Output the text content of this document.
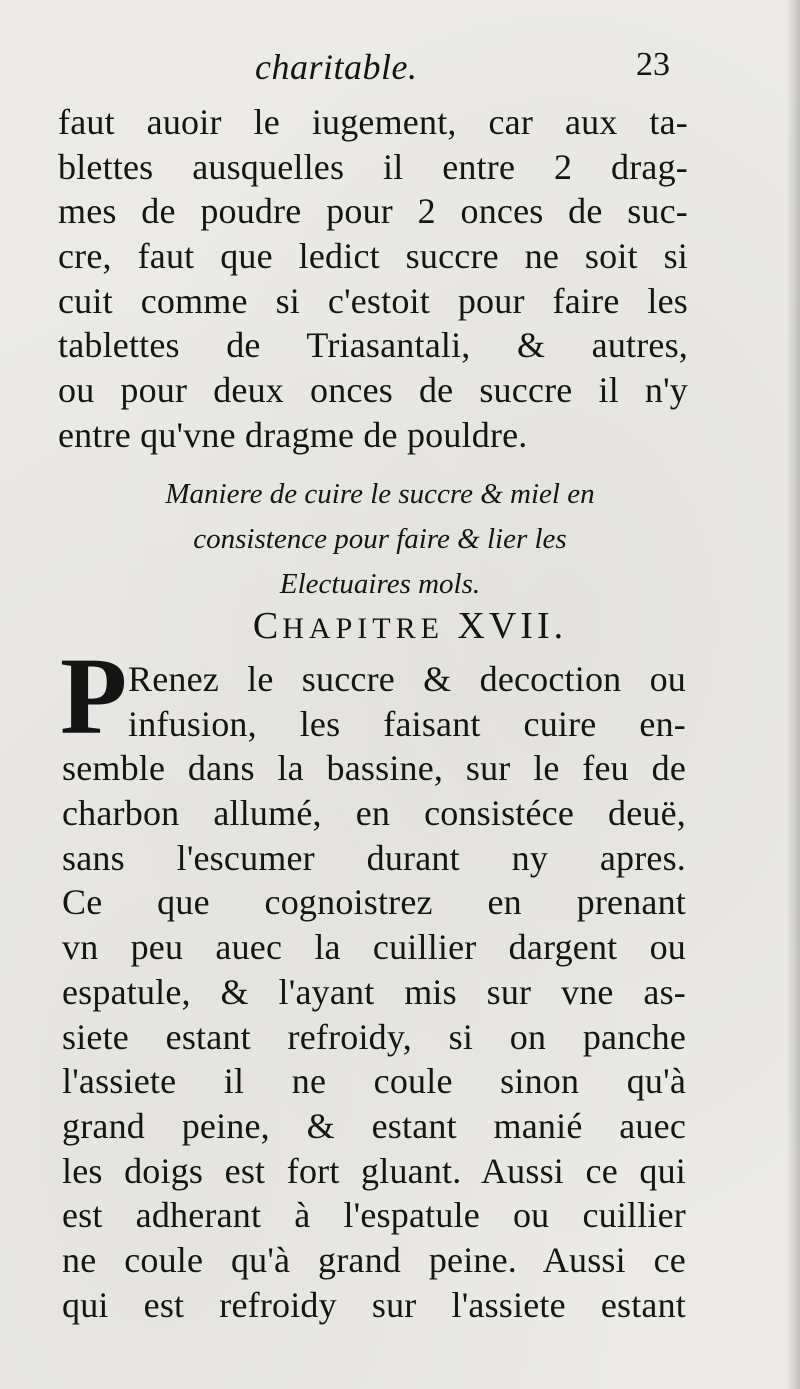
charitable.	23
faut auoir le iugement, car aux ta-
blettes ausquelles il entre 2 drag-
mes de poudre pour 2 onces de suc-
cre, faut que ledict succre ne soit si
cuit comme si c'estoit pour faire les
tablettes de Triasantali, & autres,
ou pour deux onces de succre il n'y
entre qu'vne dragme de pouldre.
Maniere de cuire le succre & miel en
consistence pour faire & lier les
Electuaires mols.
CHAPITRE XVII.
P Renez le succre & decoction ou
infusion, les faisant cuire en-
semble dans la bassine, sur le feu de
charbon allumé, en consistéce deuë,
sans l'escumer durant ny apres.
Ce que cognoistrez en prenant
vn peu auec la cuillier dargent ou
espatule, & l'ayant mis sur vne as-
siete estant refroidy, si on panche
l'assiete il ne coule sinon qu'à
grand peine, & estant manié auec
les doigs est fort gluant. Aussi ce qui
est adherant à l'espatule ou cuillier
ne coule qu'à grand peine. Aussi ce
qui est refroidy sur l'assiete estant
